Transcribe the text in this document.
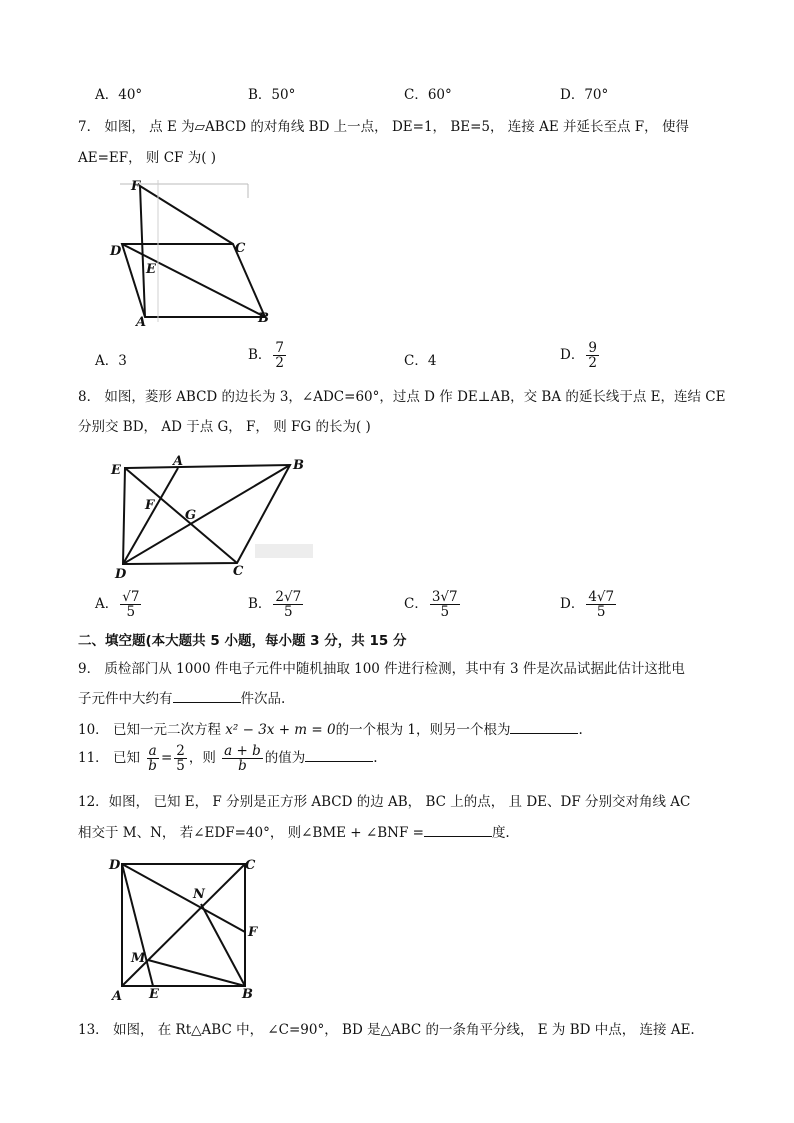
A．40°	B．50°	C．60°	D．70°
7． 如图， 点 E 为▱ABCD 的对角线 BD 上一点， DE=1， BE=5， 连接 AE 并延长至点 F， 使得
AE=EF， 则 CF 为( )
F
C
D
E
A	B
A．3	B． $\frac{7}{2}$	C．4	D． $\frac{9}{2}$
8． 如图，菱形 ABCD 的边长为 3，∠ADC=60°，过点 D 作 DE⊥AB，交 BA 的延长线于点 E，连结 CE
分别交 BD， AD 于点 G， F， 则 FG 的长为( )
E
A	B
F
G
D	C
A． $\frac{√7}{5}$	B． $\frac{2√7}{5}$	C． $\frac{3√7}{5}$	D． $\frac{4√7}{5}$
二、填空题(本大题共 5 小题，每小题 3 分，共 15 分
9． 质检部门从 1000 件电子元件中随机抽取 100 件进行检测，其中有 3 件是次品试据此估计这批电
子元件中大约有	件次品.
10． 已知一元二次方程 x² − 3x + m = 0的一个根为 1，则另一个根为	.
11． 已知 $\frac{a}{b} = \frac{2}{5}$ ，则 $\frac{a + b}{b}$ 的值为	.
12．如图， 已知 E， F 分别是正方形 ABCD 的边 AB， BC 上的点， 且 DE、DF 分别交对角线 AC
相交于 M、N， 若∠EDF=40°， 则∠BME + ∠BNF =	度.
D	C
N
F
M
A E	B
13． 如图， 在 Rt△ABC 中， ∠C=90°， BD 是△ABC 的一条角平分线， E 为 BD 中点， 连接 AE.
